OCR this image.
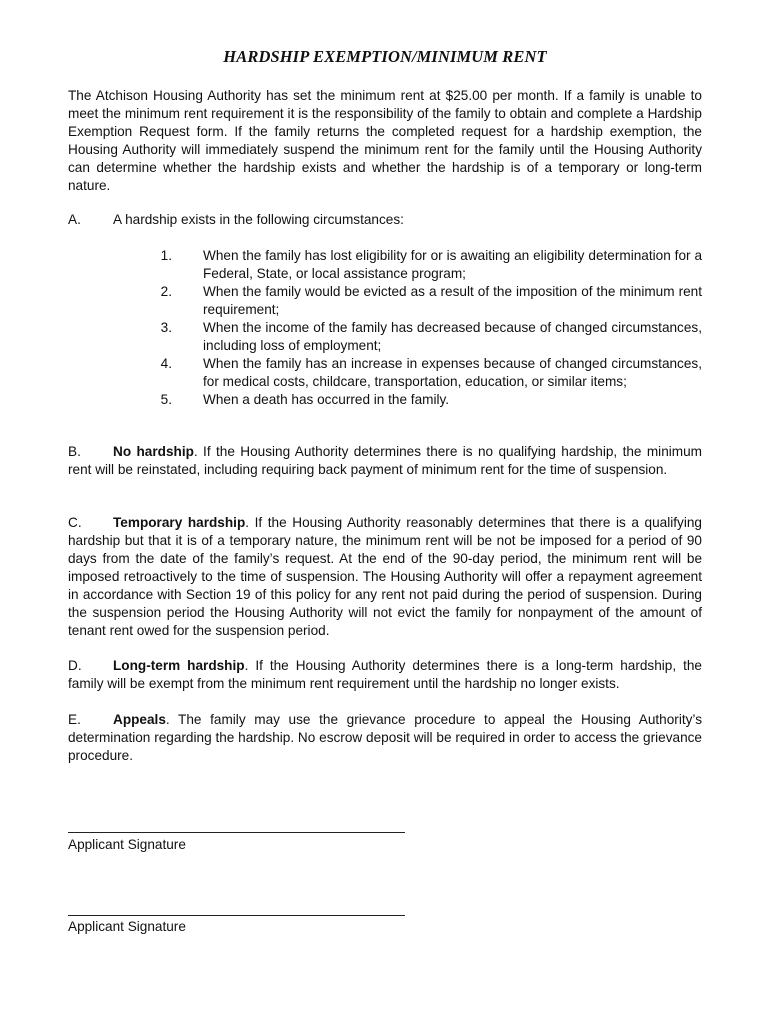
HARDSHIP EXEMPTION/MINIMUM RENT

The Atchison Housing Authority has set the minimum rent at $25.00 per month. If a family is unable to meet the minimum rent requirement it is the responsibility of the family to obtain and complete a Hardship Exemption Request form. If the family returns the completed request for a hardship exemption, the Housing Authority will immediately suspend the minimum rent for the family until the Housing Authority can determine whether the hardship exists and whether the hardship is of a temporary or long-term nature.

A. A hardship exists in the following circumstances:
1. When the family has lost eligibility for or is awaiting an eligibility determination for a Federal, State, or local assistance program;
2. When the family would be evicted as a result of the imposition of the minimum rent requirement;
3. When the income of the family has decreased because of changed circumstances, including loss of employment;
4. When the family has an increase in expenses because of changed circumstances, for medical costs, childcare, transportation, education, or similar items;
5. When a death has occurred in the family.

B. No hardship. If the Housing Authority determines there is no qualifying hardship, the minimum rent will be reinstated, including requiring back payment of minimum rent for the time of suspension.

C. Temporary hardship. If the Housing Authority reasonably determines that there is a qualifying hardship but that it is of a temporary nature, the minimum rent will be not be imposed for a period of 90 days from the date of the family’s request. At the end of the 90-day period, the minimum rent will be imposed retroactively to the time of suspension. The Housing Authority will offer a repayment agreement in accordance with Section 19 of this policy for any rent not paid during the period of suspension. During the suspension period the Housing Authority will not evict the family for nonpayment of the amount of tenant rent owed for the suspension period.

D. Long-term hardship. If the Housing Authority determines there is a long-term hardship, the family will be exempt from the minimum rent requirement until the hardship no longer exists.

E. Appeals. The family may use the grievance procedure to appeal the Housing Authority’s determination regarding the hardship. No escrow deposit will be required in order to access the grievance procedure.

Applicant Signature
Applicant Signature
